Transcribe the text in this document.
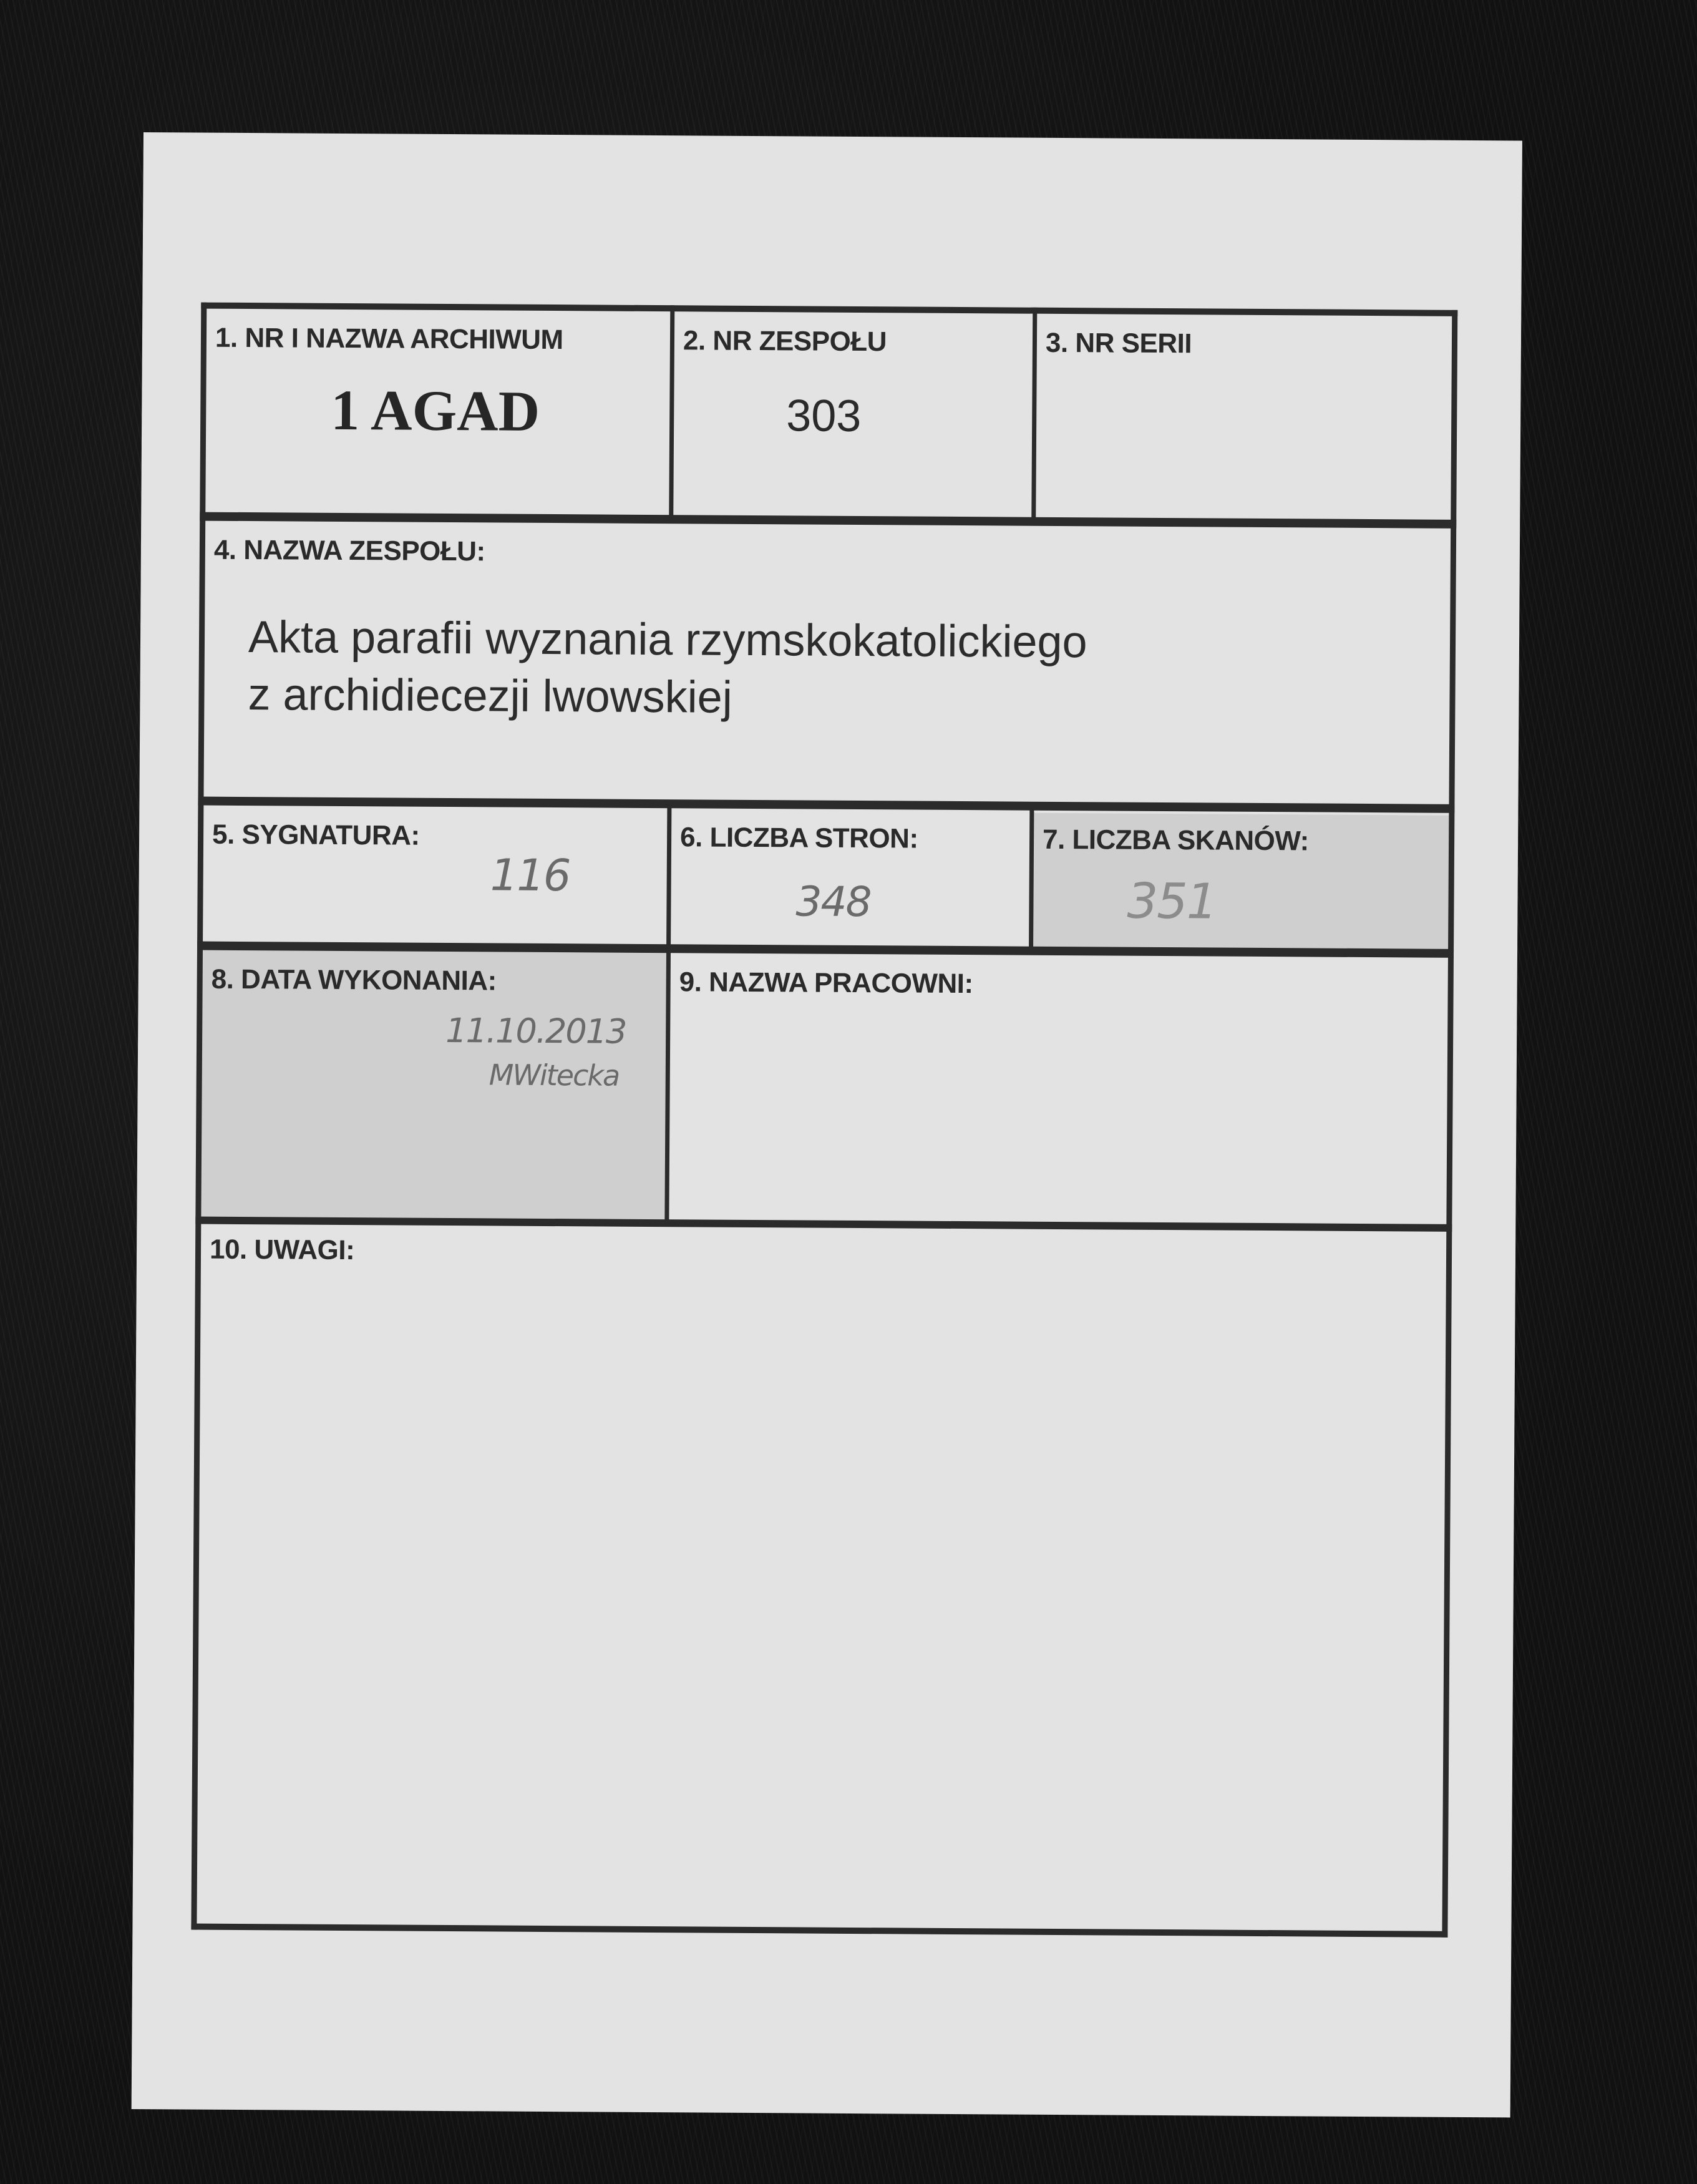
1. NR I NAZWA ARCHIWUM
1 AGAD
2. NR ZESPOŁU
303
3. NR SERII
4. NAZWA ZESPOŁU:
Akta parafii wyznania rzymskokatolickiego
z archidiecezji lwowskiej
5. SYGNATURA:
116
6. LICZBA STRON:
348
7. LICZBA SKANÓW:
351
8. DATA WYKONANIA:
11.10.2013
MWitecka
9. NAZWA PRACOWNI:
10. UWAGI:
